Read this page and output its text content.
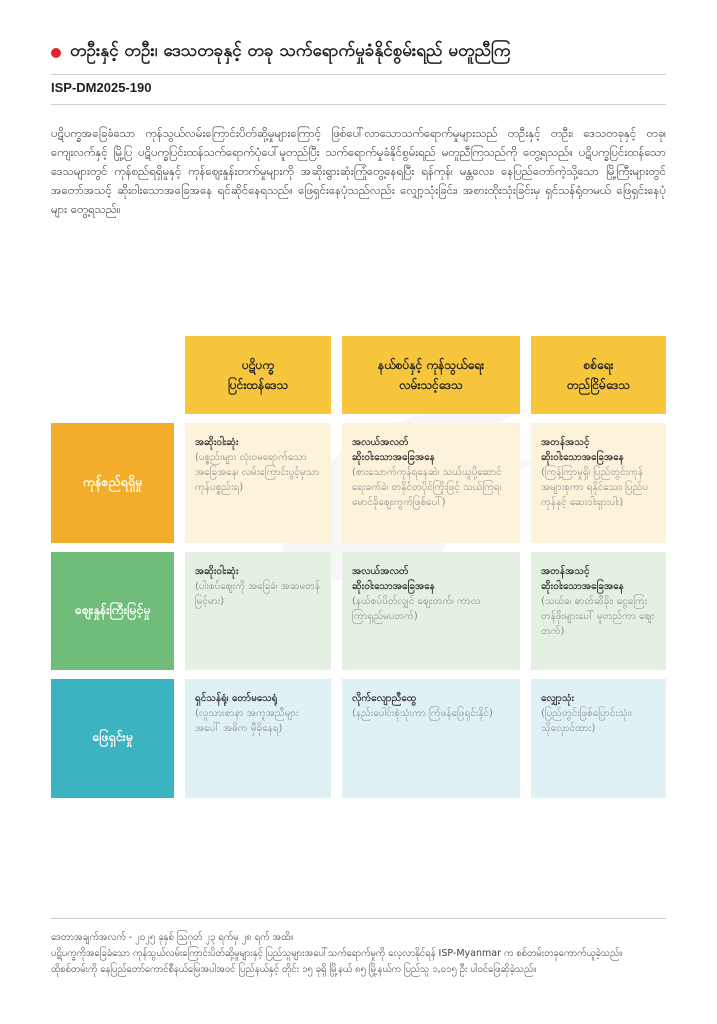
တဦးနှင့် တဦး၊ ဒေသတခုနှင့် တခု သက်ရောက်မှုခံနိုင်စွမ်းရည် မတူညီကြ
ISP-DM2025-190
ပဋိပက္ခအခြေခံသော ကုန်သွယ်လမ်းကြောင်းပိတ်ဆို့မှုများကြောင့် ဖြစ်ပေါ်လာသောသက်ရောက်မှုများသည် တဦးနှင့် တဦး၊ ဒေသတခုနှင့် တခု၊ ကျေးလက်နှင့် မြို့ပြ ပဋိပက္ခပြင်းထန်သက်ရောက်ပုံပေါ်မူတည်ပြီး သက်ရောက်မှုခံနိုင်စွမ်းရည် မတူညီကြသည်ကို တွေ့ရသည်။ ပဋိပက္ခပြင်းထန်သောဒေသများတွင် ကုန်စည်ရရှိမှုနှင့် ကုန်ဈေးနှုန်းတက်မှုများကို အဆိုးရွားဆုံးကြုံတွေ့နေရပြီး ရန်ကုန်၊ မန္တလေး၊ နေပြည်တော်ကဲ့သို့သော မြို့ကြီးများတွင် အတော်အသင့် ဆိုးဝါးသောအခြေအနေ ရင်ဆိုင်နေရသည်။ ဖြေရှင်းနေပုံသည်လည်း လျှော့သုံးခြင်း၊ အစားထိုးသုံးခြင်းမှ ရှင်သန်ရုံတမယ် ဖြေရှင်းနေပုံများ တွေ့ရသည်။
ပဋိပက္ခ
ပြင်းထန်ဒေသ
နယ်စပ်နှင့် ကုန်သွယ်ရေး
လမ်းသင့်ဒေသ
စစ်ရေး
တည်ငြိမ်ဒေသ
ကုန်စည်ရရှိမှု
အဆိုးဝါးဆုံး
(ပစ္စည်းများ လုံးဝမရောက်သော အခြေအနေ၊ လမ်းကြောင်းပွင့်မှသာ ကုန်ပစ္စည်းရ)
အလယ်အလတ်
ဆိုးဝါးသောအခြေအနေ
(စားသောက်ကုန်ရနေဆဲ၊ သယ်ယူပို့ဆောင်ရေးခက်ခဲ၊ တနိုင်တပိုင်ကြိုးဖြင့် သယ်ကြရ၊ မောင်ခိုဈေးကွက်ဖြစ်ပေါ်)
အတန်အသင့်
ဆိုးဝါးသောအခြေအနေ
(ကြန့်ကြာမှုရှိ၊ ပြည်တွင်းကုန် အများစုကာ ရနိုင်သေး၊ ပြည်ပကုန်နှင့် ဆေးဝါးရှားပါး)
ဈေးနှုန်းကြီးမြင့်မှု
အဆိုးဝါးဆုံး
(ပါးစပ်ဈေးကို အခြေခံ၊ အဆမတန်မြင့်မား)
အလယ်အလတ်
ဆိုးဝါးသောအခြေအနေ
(နယ်စပ်ပိတ်လျှင် ဈေးတက်၊ ကာလကြာရှည်မပတက်)
အတန်အသင့်
ဆိုးဝါးသောအခြေအနေ
(သယ်ခ၊ ဓာတ်ဆီခိုး၊ ငွေကြေးတန်ဖိုးများပေါ် မူတည်ကာ ဈေးတက်)
ဖြေရှင်းမှု
ရှင်သန်ရုံ၊ တော်မသေရုံ
(လူသားစာနာ အကူအညီများ အပေါ် အဓိက မှီခိုနေရ)
လိုက်လျောညီထွေ
(နည်းပေါင်းစုံသုံးကာ ကြံဖန်ဖြေရှင်းနိုင်)
လျှော့သုံး
(ပြည်တွင်းဖြစ်ပြောင်းသုံး၊ သိုလှောင်ထား)
ဒေတာအချက်အလက် - ၂၀၂၅ ခုနှစ် ဩဂုတ် ၂၃ ရက်မှ ၂၈ ရက် အထိ။
ပဋိပက္ခကိုအခြေခံသော ကုန်သွယ်လမ်းကြောင်းပိတ်ဆို့မှုများနှင့် ပြည်သူများအပေါ်သက်ရောက်မှုကို လေ့လာနိုင်ရန် ISP-Myanmar က စစ်တမ်းတခုကောက်ယူခဲ့သည်။
ထိုစစ်တမ်းကို နေပြည်တော်ကောင်စီနယ်မြေအပါအဝင် ပြည်နယ်နှင့် တိုင်း ၁၅ ခုရှိ မြို့နယ် ၈၅ မြို့နယ်က ပြည်သူ ၁,၀၁၅ ဦး ပါဝင်ဖြေဆိုခဲ့သည်။
